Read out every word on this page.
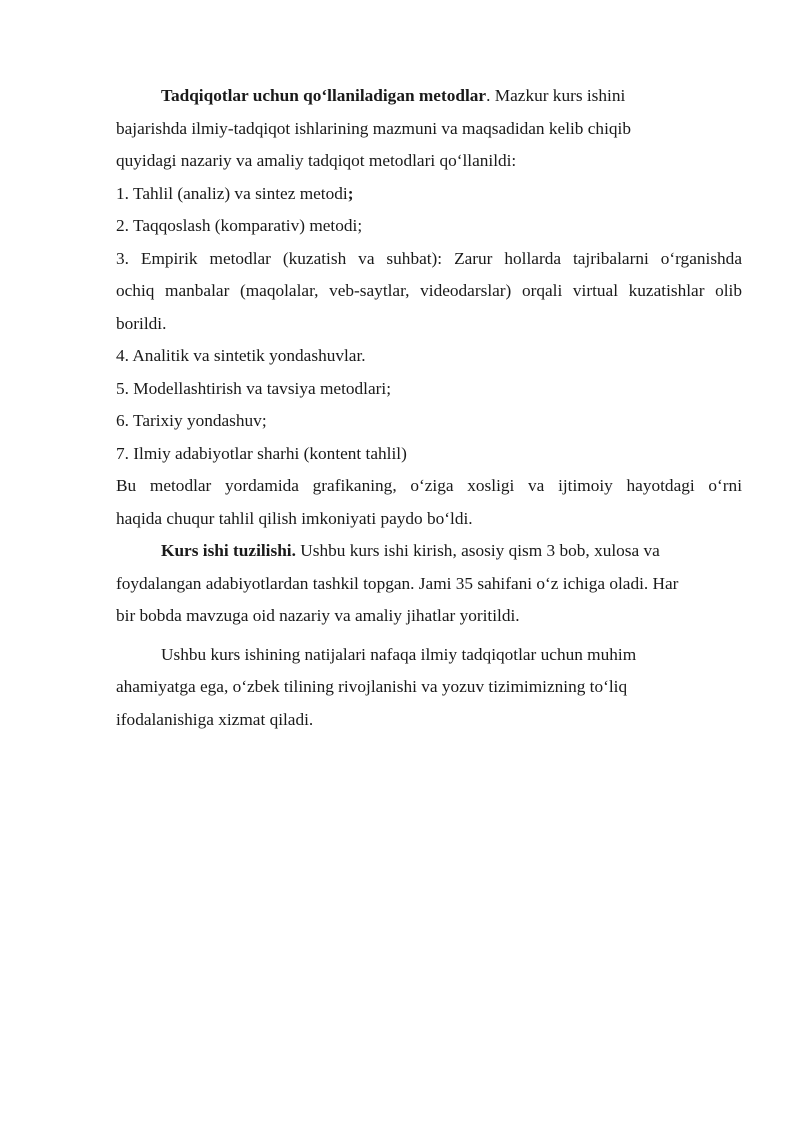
Tadqiqotlar uchun qo‘llaniladigan metodlar. Mazkur kurs ishini

bajarishda ilmiy-tadqiqot ishlarining mazmuni va maqsadidan kelib chiqib

quyidagi nazariy va amaliy tadqiqot metodlari qo‘llanildi:

1. Tahlil (analiz) va sintez metodi;

2. Taqqoslash (komparativ) metodi;

3. Empirik metodlar (kuzatish va suhbat): Zarur hollarda tajribalarni o‘rganishda

ochiq manbalar (maqolalar, veb-saytlar, videodarslar) orqali virtual kuzatishlar olib

borildi.

4. Analitik va sintetik yondashuvlar.

5. Modellashtirish va tavsiya metodlari;

6. Tarixiy yondashuv;

7. Ilmiy adabiyotlar sharhi (kontent tahlil)

Bu metodlar yordamida grafikaning, o‘ziga xosligi va ijtimoiy hayotdagi o‘rni

haqida chuqur tahlil qilish imkoniyati paydo bo‘ldi.

Kurs ishi tuzilishi. Ushbu kurs ishi kirish, asosiy qism 3 bob, xulosa va

foydalangan adabiyotlardan tashkil topgan. Jami 35 sahifani o‘z ichiga oladi. Har

bir bobda mavzuga oid nazariy va amaliy jihatlar yoritildi.

Ushbu kurs ishining natijalari nafaqa ilmiy tadqiqotlar uchun muhim

ahamiyatga ega, o‘zbek tilining rivojlanishi va yozuv tizimimizning to‘liq

ifodalanishiga xizmat qiladi.
